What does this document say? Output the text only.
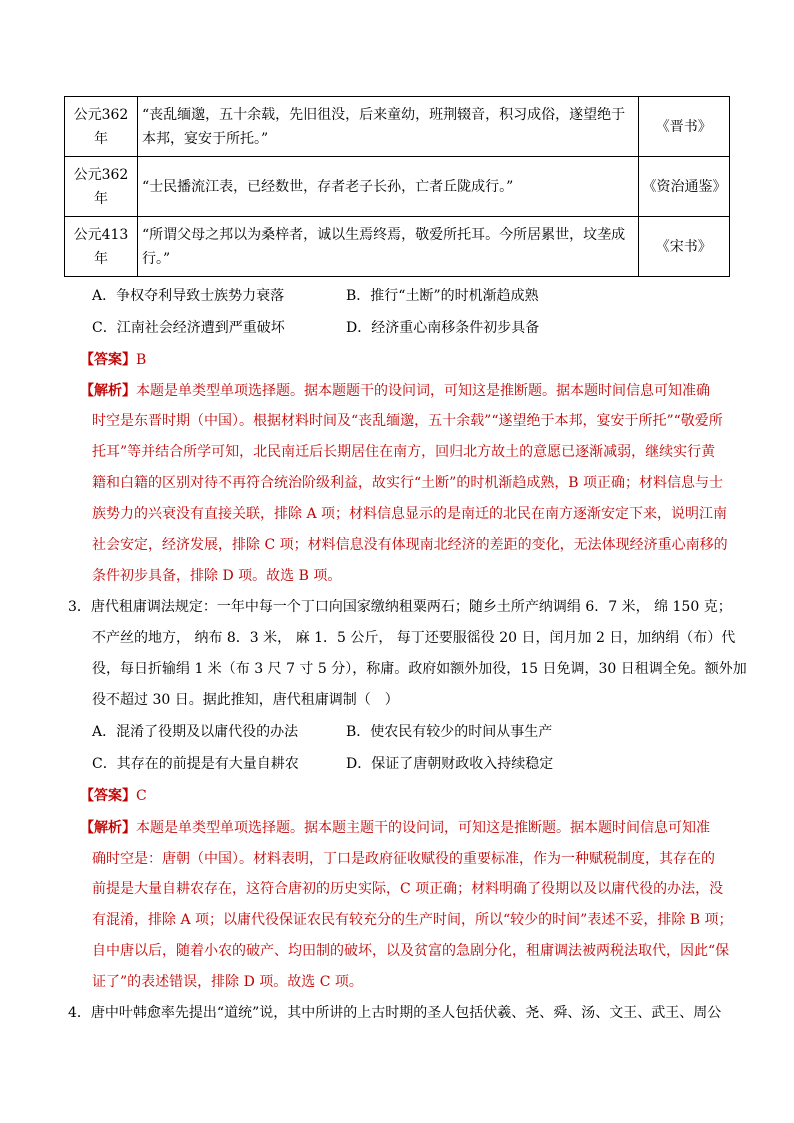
公元362年	“丧乱缅邈，五十余载，先旧徂没，后来童幼，班荆辍音，积习成俗，遂望绝于本邦，宴安于所托。”	《晋书》
公元362年	“士民播流江表，已经数世，存者老子长孙，亡者丘陇成行。”	《资治通鉴》
公元413年	“所谓父母之邦以为桑梓者，诚以生焉终焉，敬爱所托耳。今所居累世，坟垄成行。”	《宋书》
A．争权夺利导致士族势力衰落	B．推行“土断”的时机渐趋成熟
C．江南社会经济遭到严重破坏	D．经济重心南移条件初步具备
【答案】B
【解析】本题是单类型单项选择题。据本题题干的设问词，可知这是推断题。据本题时间信息可知准确
时空是东晋时期（中国）。根据材料时间及“丧乱缅邈，五十余载”“遂望绝于本邦，宴安于所托”“敬爱所
托耳”等并结合所学可知，北民南迁后长期居住在南方，回归北方故土的意愿已逐渐减弱，继续实行黄
籍和白籍的区别对待不再符合统治阶级利益，故实行“土断”的时机渐趋成熟，B 项正确；材料信息与士
族势力的兴衰没有直接关联，排除 A 项；材料信息显示的是南迁的北民在南方逐渐安定下来，说明江南
社会安定，经济发展，排除 C 项；材料信息没有体现南北经济的差距的变化，无法体现经济重心南移的
条件初步具备，排除 D 项。故选 B 项。
3．唐代租庸调法规定：一年中每一个丁口向国家缴纳租粟两石；随乡土所产纳调绢 6．7 米， 绵 150 克；
不产丝的地方， 纳布 8．3 米， 麻 1．5 公斤， 每丁还要服徭役 20 日，闰月加 2 日，加纳绢（布）代
役，每日折输绢 1 米（布 3 尺 7 寸 5 分），称庸。政府如额外加役，15 日免调，30 日租调全免。额外加
役不超过 30 日。据此推知，唐代租庸调制（　）
A．混淆了役期及以庸代役的办法	B．使农民有较少的时间从事生产
C．其存在的前提是有大量自耕农	D．保证了唐朝财政收入持续稳定
【答案】C
【解析】本题是单类型单项选择题。据本题主题干的设问词，可知这是推断题。据本题时间信息可知准
确时空是：唐朝（中国）。材料表明，丁口是政府征收赋役的重要标准，作为一种赋税制度，其存在的
前提是大量自耕农存在，这符合唐初的历史实际，C 项正确；材料明确了役期以及以庸代役的办法，没
有混淆，排除 A 项；以庸代役保证农民有较充分的生产时间，所以“较少的时间”表述不妥，排除 B 项；
自中唐以后，随着小农的破产、均田制的破坏，以及贫富的急剧分化，租庸调法被两税法取代，因此“保
证了”的表述错误，排除 D 项。故选 C 项。
4．唐中叶韩愈率先提出“道统”说，其中所讲的上古时期的圣人包括伏羲、尧、舜、汤、文王、武王、周公
